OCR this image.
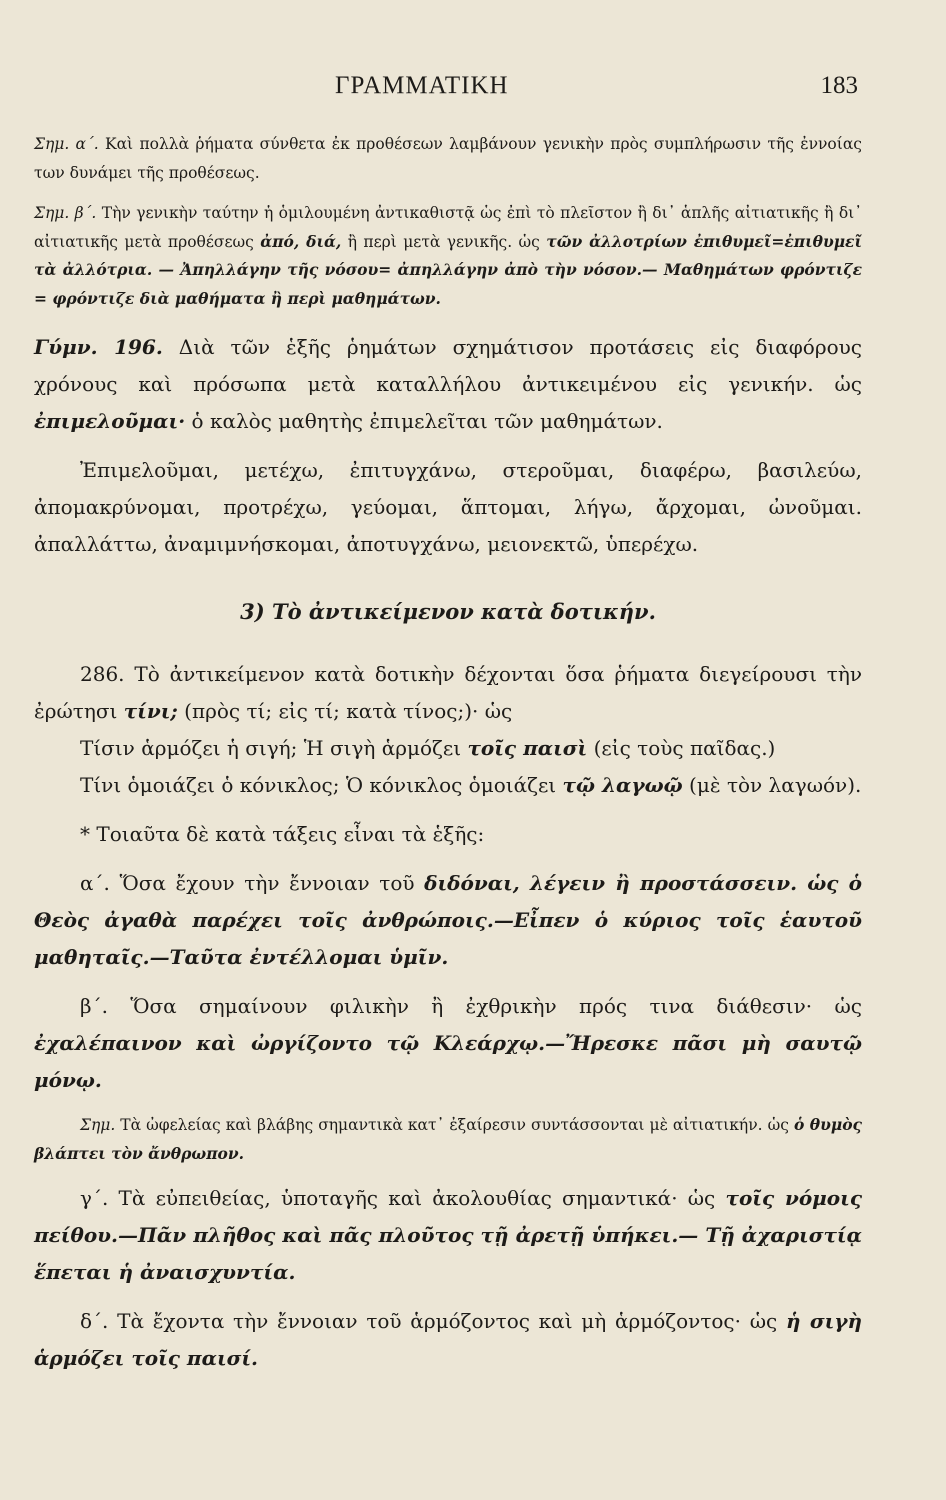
ΓΡΑΜΜΑΤΙΚΗ	183

Σημ. α΄. Καὶ πολλὰ ῥήματα σύνθετα ἐκ προθέσεων λαμβάνουν γενικὴν πρὸς συμπλήρωσιν τῆς ἐννοίας των δυνάμει τῆς προθέσεως.

Σημ. β΄. Τὴν γενικὴν ταύτην ἡ ὁμιλουμένη ἀντικαθιστᾷ ὡς ἐπὶ τὸ πλεῖστον ἢ δι᾽ ἁπλῆς αἰτιατικῆς ἢ δι᾽ αἰτιατικῆς μετὰ προθέσεως ἀπό, διά, ἢ περὶ μετὰ γενικῆς. ὡς τῶν ἀλλοτρίων ἐπιθυμεῖ=ἐπιθυμεῖ τὰ ἀλλότρια. — Ἀπηλλάγην τῆς νόσου= ἀπηλλάγην ἀπὸ τὴν νόσον.— Μαθημάτων φρόντιζε = φρόντιζε διὰ μαθήματα ἢ περὶ μαθημάτων.

Γύμν. 196. Διὰ τῶν ἑξῆς ῥημάτων σχημάτισον προτάσεις εἰς διαφόρους χρόνους καὶ πρόσωπα μετὰ καταλλήλου ἀντικειμένου εἰς γενικήν. ὡς ἐπιμελοῦμαι· ὁ καλὸς μαθητὴς ἐπιμελεῖται τῶν μαθημάτων.

Ἐπιμελοῦμαι, μετέχω, ἐπιτυγχάνω, στεροῦμαι, διαφέρω, βασιλεύω, ἀπομακρύνομαι, προτρέχω, γεύομαι, ἅπτομαι, λήγω, ἄρχομαι, ὠνοῦμαι. ἀπαλλάττω, ἀναμιμνήσκομαι, ἀποτυγχάνω, μειονεκτῶ, ὑπερέχω.

3) Τὸ ἀντικείμενον κατὰ δοτικήν.

286. Τὸ ἀντικείμενον κατὰ δοτικὴν δέχονται ὅσα ῥήματα διεγείρουσι τὴν ἐρώτησι τίνι; (πρὸς τί; εἰς τί; κατὰ τίνος;)· ὡς

Τίσιν ἁρμόζει ἡ σιγή; Ἡ σιγὴ ἁρμόζει τοῖς παισὶ (εἰς τοὺς παῖδας.)

Τίνι ὁμοιάζει ὁ κόνικλος; Ὁ κόνικλος ὁμοιάζει τῷ λαγωῷ (μὲ τὸν λαγωόν).

* Τοιαῦτα δὲ κατὰ τάξεις εἶναι τὰ ἑξῆς:

α΄. Ὅσα ἔχουν τὴν ἔννοιαν τοῦ διδόναι, λέγειν ἢ προστάσσειν. ὡς ὁ Θεὸς ἀγαθὰ παρέχει τοῖς ἀνθρώποις.—Εἶπεν ὁ κύριος τοῖς ἑαυτοῦ μαθηταῖς.—Ταῦτα ἐντέλλομαι ὑμῖν.

β΄. Ὅσα σημαίνουν φιλικὴν ἢ ἐχθρικὴν πρός τινα διάθεσιν· ὡς ἐχαλέπαινον καὶ ὠργίζοντο τῷ Κλεάρχῳ.—Ἤρεσκε πᾶσι μὴ σαυτῷ μόνῳ.

Σημ. Τὰ ὠφελείας καὶ βλάβης σημαντικὰ κατ᾽ ἐξαίρεσιν συντάσσονται μὲ αἰτιατικήν. ὡς ὁ θυμὸς βλάπτει τὸν ἄνθρωπον.

γ΄. Τὰ εὐπειθείας, ὑποταγῆς καὶ ἀκολουθίας σημαντικά· ὡς τοῖς νόμοις πείθου.—Πᾶν πλῆθος καὶ πᾶς πλοῦτος τῇ ἀρετῇ ὑπήκει.— Τῇ ἀχαριστίᾳ ἕπεται ἡ ἀναισχυντία.

δ΄. Τὰ ἔχοντα τὴν ἔννοιαν τοῦ ἁρμόζοντος καὶ μὴ ἁρμόζοντος· ὡς ἡ σιγὴ ἁρμόζει τοῖς παισί.
